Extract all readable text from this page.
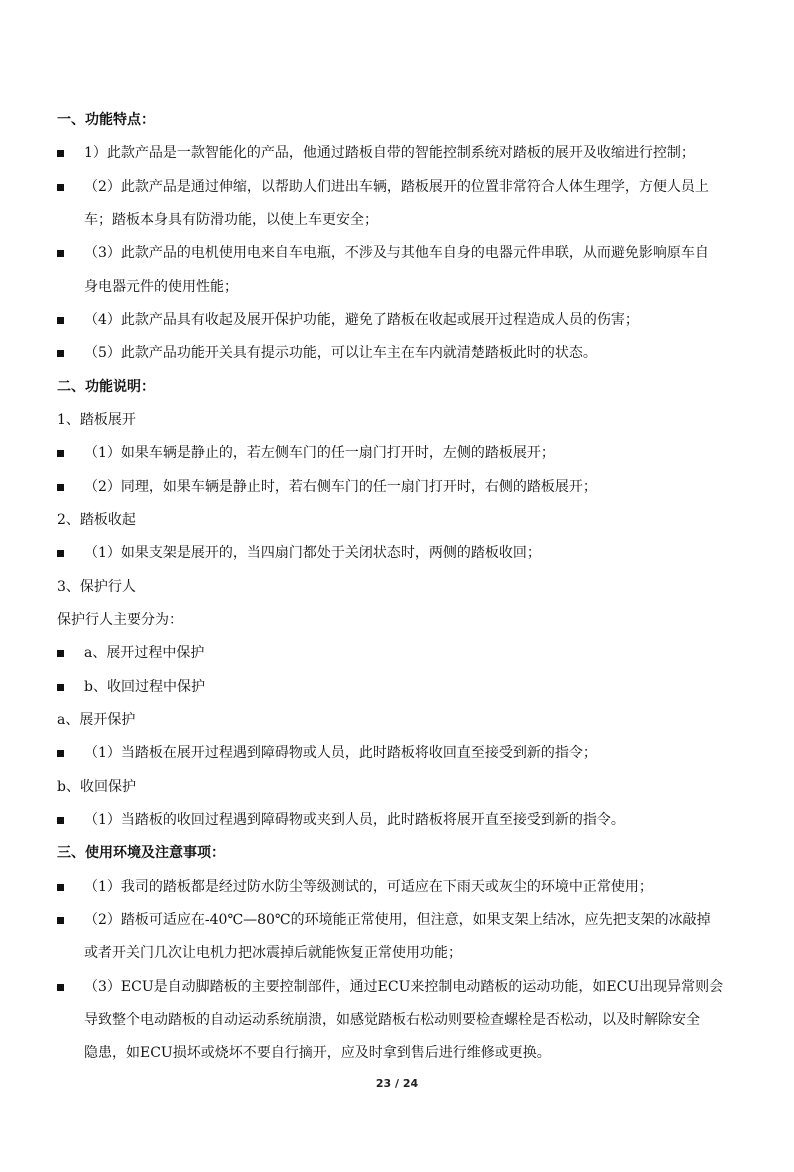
一、功能特点：
1）此款产品是一款智能化的产品，他通过踏板自带的智能控制系统对踏板的展开及收缩进行控制；
（2）此款产品是通过伸缩，以帮助人们进出车辆，踏板展开的位置非常符合人体生理学，方便人员上
车；踏板本身具有防滑功能，以使上车更安全；
（3）此款产品的电机使用电来自车电瓶，不涉及与其他车自身的电器元件串联，从而避免影响原车自
身电器元件的使用性能；
（4）此款产品具有收起及展开保护功能，避免了踏板在收起或展开过程造成人员的伤害；
（5）此款产品功能开关具有提示功能，可以让车主在车内就清楚踏板此时的状态。
二、功能说明：
1、踏板展开
（1）如果车辆是静止的，若左侧车门的任一扇门打开时，左侧的踏板展开；
（2）同理，如果车辆是静止时，若右侧车门的任一扇门打开时，右侧的踏板展开；
2、踏板收起
（1）如果支架是展开的，当四扇门都处于关闭状态时，两侧的踏板收回；
3、保护行人
保护行人主要分为：
a、展开过程中保护
b、收回过程中保护
a、展开保护
（1）当踏板在展开过程遇到障碍物或人员，此时踏板将收回直至接受到新的指令；
b、收回保护
（1）当踏板的收回过程遇到障碍物或夹到人员，此时踏板将展开直至接受到新的指令。
三、使用环境及注意事项：
（1）我司的踏板都是经过防水防尘等级测试的，可适应在下雨天或灰尘的环境中正常使用；
（2）踏板可适应在-40℃—80℃的环境能正常使用，但注意，如果支架上结冰，应先把支架的冰敲掉
或者开关门几次让电机力把冰震掉后就能恢复正常使用功能；
（3）ECU是自动脚踏板的主要控制部件，通过ECU来控制电动踏板的运动功能，如ECU出现异常则会
导致整个电动踏板的自动运动系统崩溃，如感觉踏板右松动则要检查螺栓是否松动，以及时解除安全
隐患，如ECU损坏或烧坏不要自行摘开，应及时拿到售后进行维修或更换。
23 / 24
